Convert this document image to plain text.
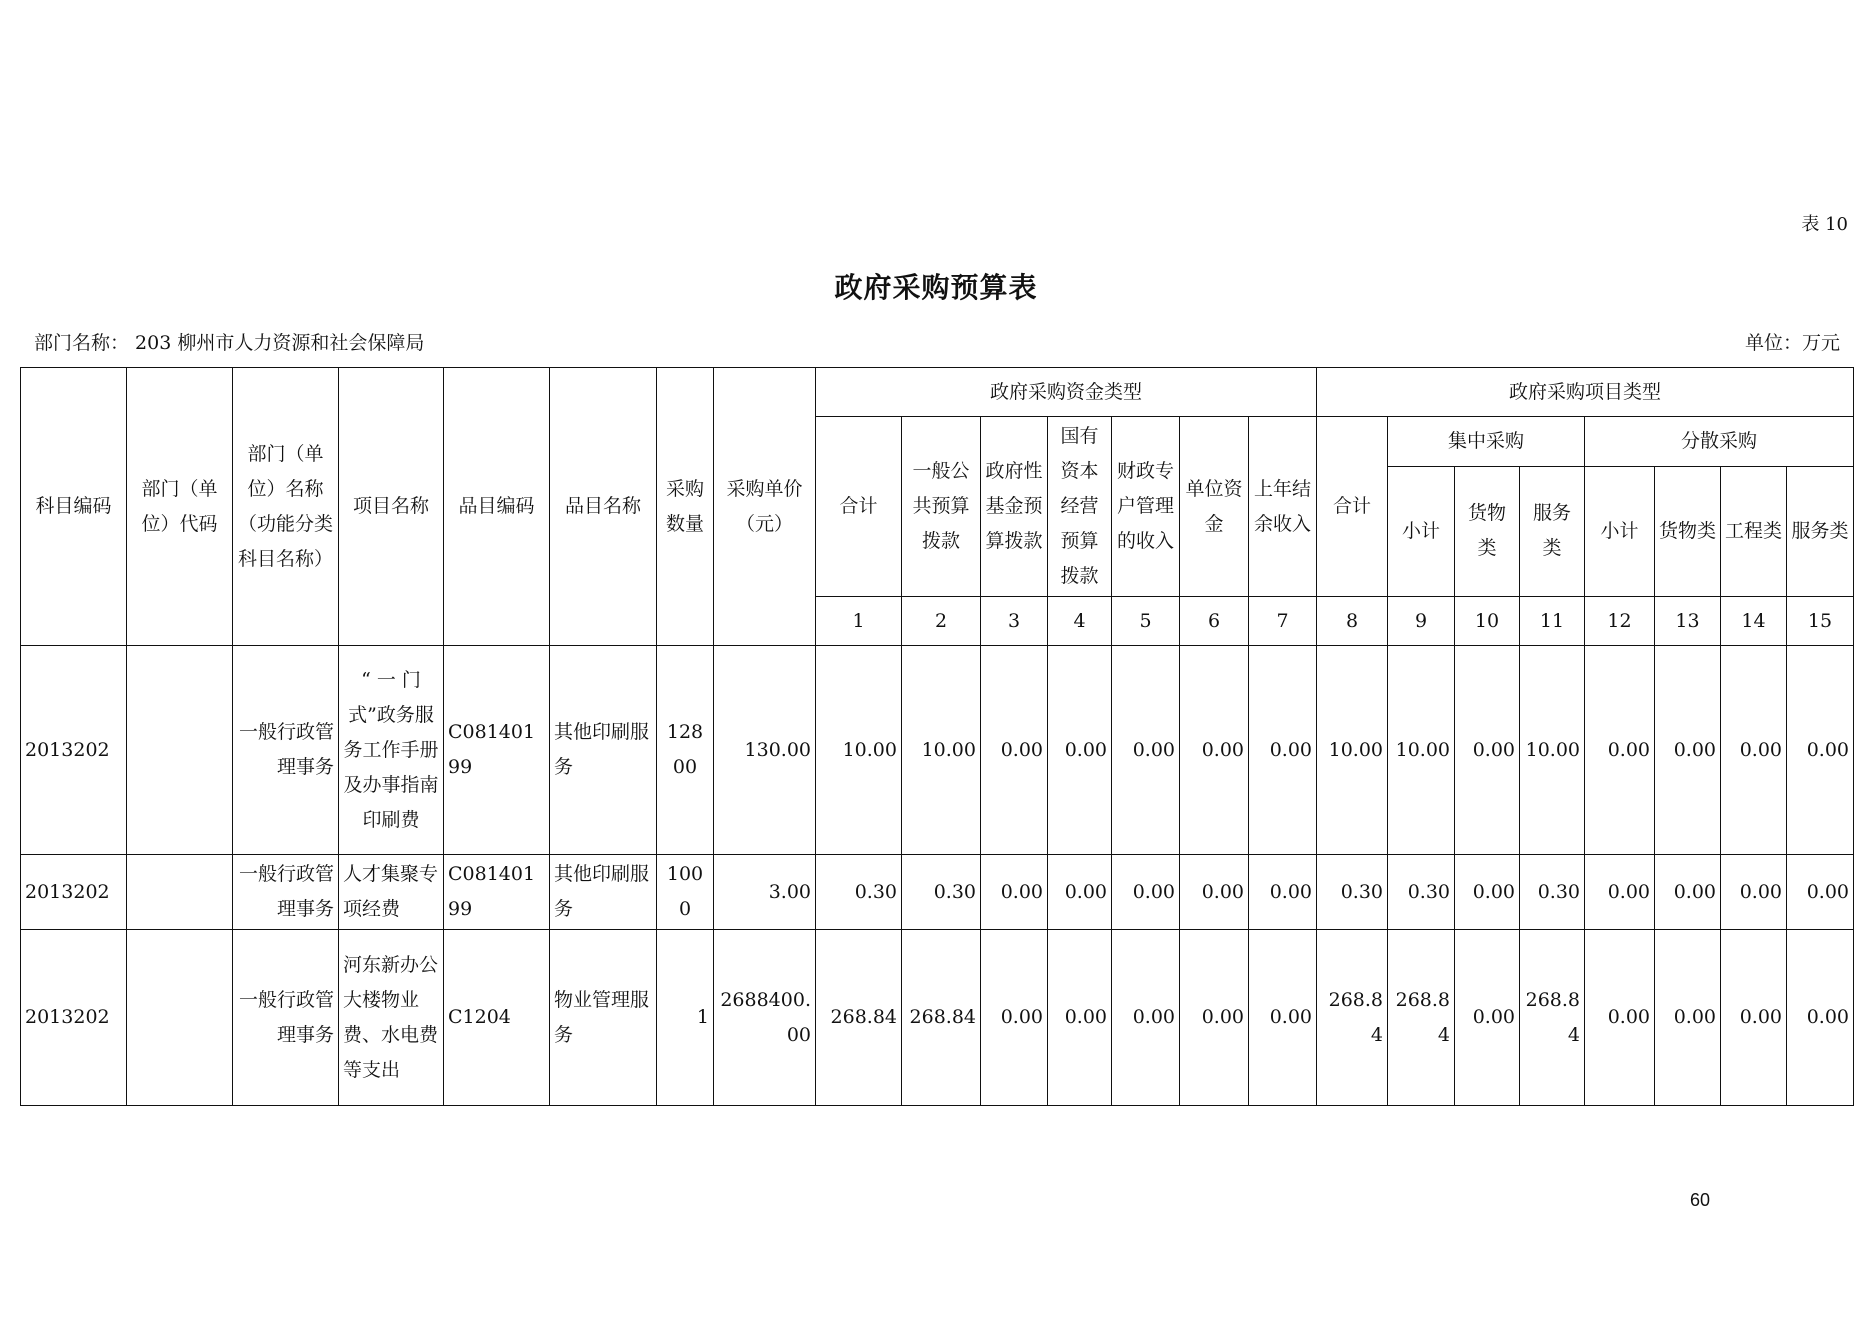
表 10
政府采购预算表
部门名称： 203 柳州市人力资源和社会保障局	单位：万元
科目编码	部门（单位）代码	部门（单位）名称（功能分类科目名称）	项目名称	品目编码	品目名称	采购数量	采购单价（元）	政府采购资金类型							政府采购项目类型							
								合计	一般公共预算拨款	政府性基金预算拨款	国有资本经营预算拨款	财政专户管理的收入	单位资金	上年结余收入	合计	集中采购			分散采购			
																小计	货物类	服务类	小计	货物类	工程类	服务类
								1	2	3	4	5	6	7	8	9	10	11	12	13	14	15
2013202		一般行政管理事务	“ 一 门 式”政务服务工作手册及办事指南印刷费	C08140199	其他印刷服务	12800	130.00	10.00	10.00	0.00	0.00	0.00	0.00	0.00	10.00	10.00	0.00	10.00	0.00	0.00	0.00	0.00
2013202		一般行政管理事务	人才集聚专项经费	C08140199	其他印刷服务	1000	3.00	0.30	0.30	0.00	0.00	0.00	0.00	0.00	0.30	0.30	0.00	0.30	0.00	0.00	0.00	0.00
2013202		一般行政管理事务	河东新办公大楼物业费、水电费等支出	C1204	物业管理服务	1	2688400.00	268.84	268.84	0.00	0.00	0.00	0.00	0.00	268.84	268.84	0.00	268.84	0.00	0.00	0.00	0.00
60
